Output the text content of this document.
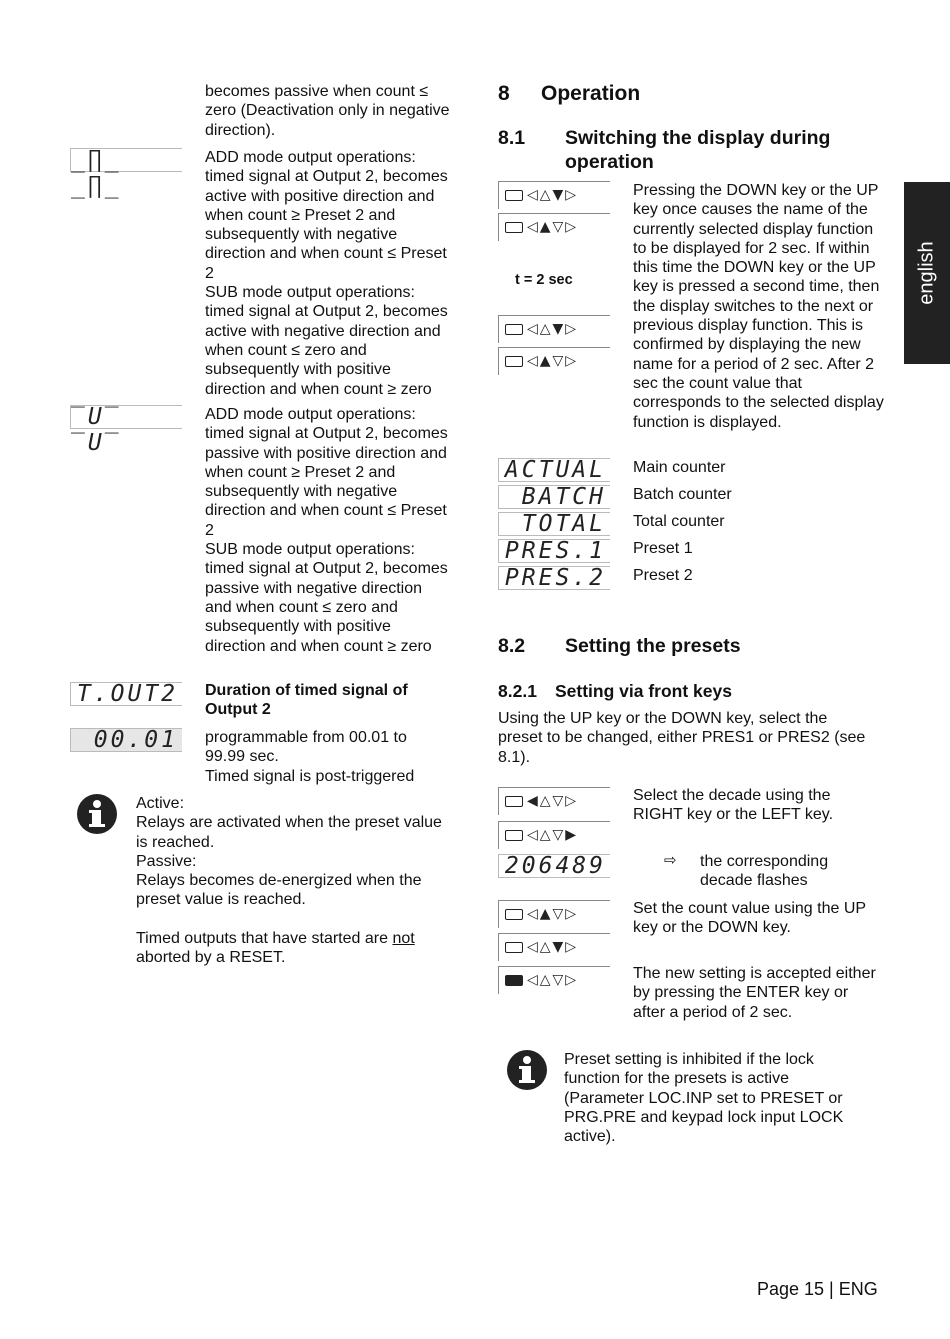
english
becomes passive when count ≤ zero (Deactivation only in negative direction).
_∏_ _∏_
ADD mode output operations: timed signal at Output 2, becomes active with positive direction and when count ≥ Preset 2 and subsequently with negative direction and when count ≤ Preset 2
SUB mode output operations: timed signal at Output 2, becomes active with negative direction and when count ≤ zero and subsequently with positive direction and when count ≥ zero
‾U‾ ‾U‾
ADD mode output operations: timed signal at Output 2, becomes passive with positive direction and when count ≥ Preset 2 and subsequently with negative direction and when count ≤ Preset 2
SUB mode output operations: timed signal at Output 2, becomes passive with negative direction and when count ≤ zero and subsequently with positive direction and when count ≥ zero
T.OUT2 Duration of timed signal of Output 2
00.01 programmable from 00.01 to 99.99 sec.
Timed signal is post-triggered
Active:
Relays are activated when the preset value is reached.
Passive:
Relays becomes de-energized when the preset value is reached.
Timed outputs that have started are not aborted by a RESET.
8 Operation
8.1 Switching the display during operation
◁△▼▷
◁▲▽▷
t = 2 sec
◁△▼▷
◁▲▽▷
Pressing the DOWN key or the UP key once causes the name of the currently selected display function to be displayed for 2 sec. If within this time the DOWN key or the UP key is pressed a second time, then the display switches to the next or previous display function. This is confirmed by displaying the new name for a period of 2 sec. After 2 sec the count value that corresponds to the selected display function is displayed.
ACTUAL Main counter
BATCH Batch counter
TOTAL Total counter
PRES.1 Preset 1
PRES.2 Preset 2
8.2 Setting the presets
8.2.1 Setting via front keys
Using the UP key or the DOWN key, select the preset to be changed, either PRES1 or PRES2 (see 8.1).
◀△▽▷
◁△▽▶
Select the decade using the RIGHT key or the LEFT key.
206489	⇨ the corresponding decade flashes
◁▲▽▷
◁△▼▷
Set the count value using the UP key or the DOWN key.
◁△▽▷	The new setting is accepted either by pressing the ENTER key or after a period of 2 sec.
Preset setting is inhibited if the lock function for the presets is active (Parameter LOC.INP set to PRESET or PRG.PRE and keypad lock input LOCK active).
Page 15 | ENG
